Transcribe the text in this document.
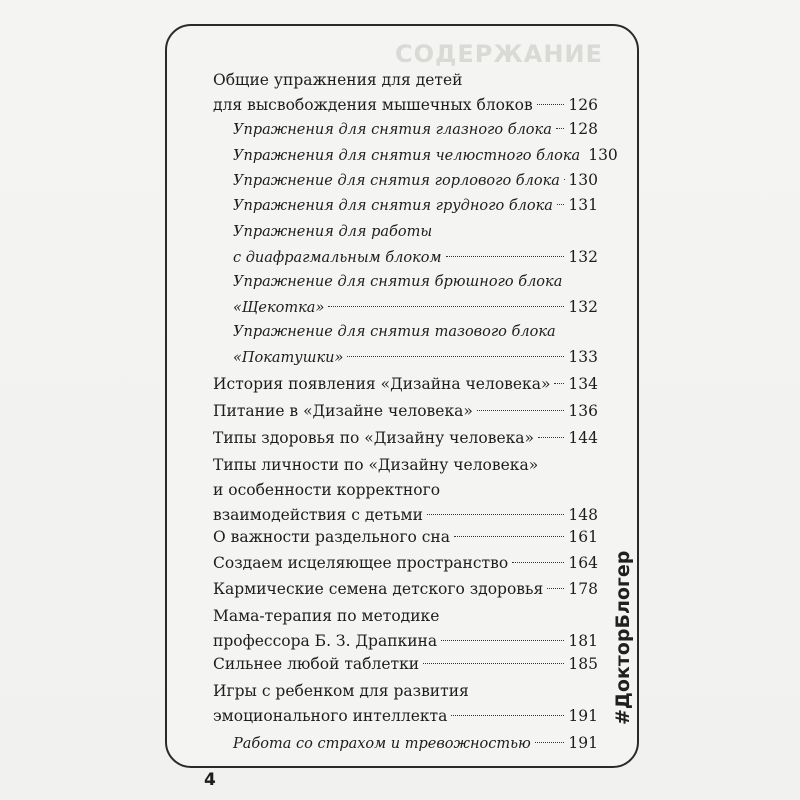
СОДЕРЖАНИЕ
Общие упражнения для детей
для высвобождения мышечных блоков 126
Упражнения для снятия глазного блока 128
Упражнения для снятия челюстного блока 130
Упражнение для снятия горлового блока 130
Упражнения для снятия грудного блока 131
Упражнения для работы
с диафрагмальным блоком	132
Упражнение для снятия брюшного блока
«Щекотка»	132
Упражнение для снятия тазового блока
«Покатушки»	133
История появления «Дизайна человека» 134
Питание в «Дизайне человека»	136
Типы здоровья по «Дизайну человека» 144
Типы личности по «Дизайну человека»
и особенности корректного
взаимодействия с детьми	148
О важности раздельного сна	161
Создаем исцеляющее пространство	164
Кармические семена детского здоровья 178
Мама-терапия по методике
профессора Б. З. Драпкина	181
Сильнее любой таблетки	185
Игры с ребенком для развития
эмоционального интеллекта	191
Работа со страхом и тревожностью 191
4
#ДокторБлогер
